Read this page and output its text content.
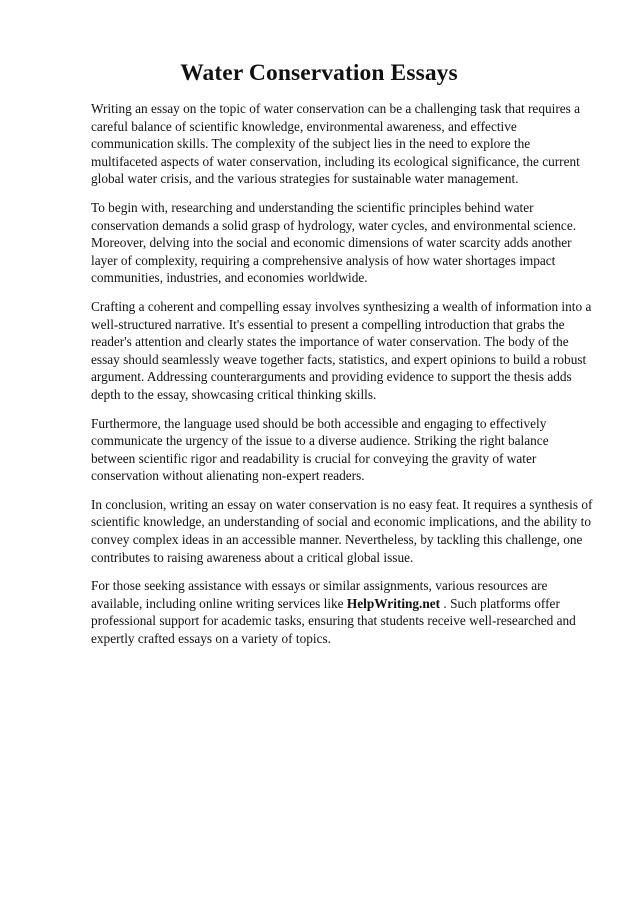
Water Conservation Essays

Writing an essay on the topic of water conservation can be a challenging task that requires a careful balance of scientific knowledge, environmental awareness, and effective communication skills. The complexity of the subject lies in the need to explore the multifaceted aspects of water conservation, including its ecological significance, the current global water crisis, and the various strategies for sustainable water management.

To begin with, researching and understanding the scientific principles behind water conservation demands a solid grasp of hydrology, water cycles, and environmental science. Moreover, delving into the social and economic dimensions of water scarcity adds another layer of complexity, requiring a comprehensive analysis of how water shortages impact communities, industries, and economies worldwide.

Crafting a coherent and compelling essay involves synthesizing a wealth of information into a well-structured narrative. It's essential to present a compelling introduction that grabs the reader's attention and clearly states the importance of water conservation. The body of the essay should seamlessly weave together facts, statistics, and expert opinions to build a robust argument. Addressing counterarguments and providing evidence to support the thesis adds depth to the essay, showcasing critical thinking skills.

Furthermore, the language used should be both accessible and engaging to effectively communicate the urgency of the issue to a diverse audience. Striking the right balance between scientific rigor and readability is crucial for conveying the gravity of water conservation without alienating non-expert readers.

In conclusion, writing an essay on water conservation is no easy feat. It requires a synthesis of scientific knowledge, an understanding of social and economic implications, and the ability to convey complex ideas in an accessible manner. Nevertheless, by tackling this challenge, one contributes to raising awareness about a critical global issue.

For those seeking assistance with essays or similar assignments, various resources are available, including online writing services like HelpWriting.net . Such platforms offer professional support for academic tasks, ensuring that students receive well-researched and expertly crafted essays on a variety of topics.
